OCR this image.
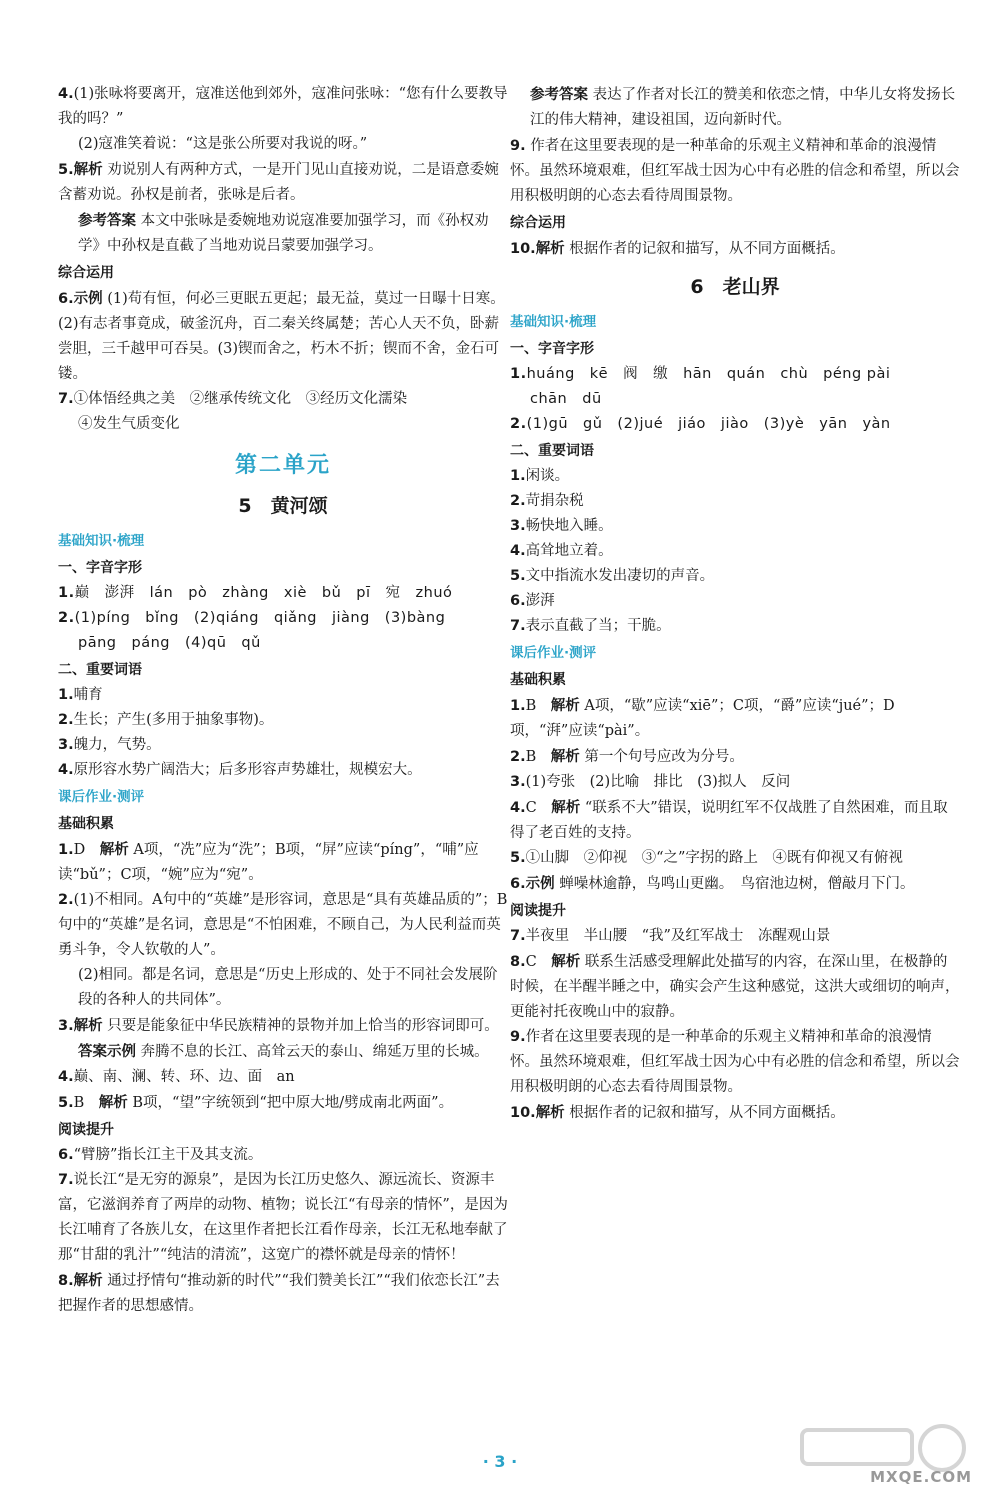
4.(1)张咏将要离开，寇准送他到郊外，寇准问张咏：“您有什么要教导我的吗？”

(2)寇准笑着说：“这是张公所要对我说的呀。”

5.解析 劝说别人有两种方式，一是开门见山直接劝说，二是语意委婉含蓄劝说。孙权是前者，张咏是后者。

参考答案 本文中张咏是委婉地劝说寇准要加强学习，而《孙权劝学》中孙权是直截了当地劝说吕蒙要加强学习。

综合运用

6.示例 (1)苟有恒，何必三更眠五更起；最无益，莫过一日曝十日寒。(2)有志者事竟成，破釜沉舟，百二秦关终属楚；苦心人天不负，卧薪尝胆，三千越甲可吞吴。(3)锲而舍之，朽木不折；锲而不舍，金石可镂。

7.①体悟经典之美　②继承传统文化　③经历文化濡染

④发生气质变化

第二单元
5　黄河颂

基础知识·梳理

一、字音字形

1.巅　澎湃　lán　pò　zhàng　xiè　bǔ　pī　宛　zhuó

2.(1)píng　bǐng　(2)qiáng　qiǎng　jiàng　(3)bàng

pāng　páng　(4)qū　qǔ

二、重要词语

1.哺育

2.生长；产生(多用于抽象事物)。

3.魄力，气势。

4.原形容水势广阔浩大；后多形容声势雄壮，规模宏大。

课后作业·测评

基础积累

1.D　解析 A项，“冼”应为“洗”；B项，“屏”应读“píng”，“哺”应读“bǔ”；C项，“婉”应为“宛”。

2.(1)不相同。A句中的“英雄”是形容词，意思是“具有英雄品质的”；B句中的“英雄”是名词，意思是“不怕困难，不顾自己，为人民利益而英勇斗争，令人钦敬的人”。

(2)相同。都是名词，意思是“历史上形成的、处于不同社会发展阶段的各种人的共同体”。

3.解析 只要是能象征中华民族精神的景物并加上恰当的形容词即可。

答案示例 奔腾不息的长江、高耸云天的泰山、绵延万里的长城。

4.巅、南、澜、转、环、边、面　an

5.B　解析 B项，“望”字统领到“把中原大地/劈成南北两面”。

阅读提升

6.“臂膀”指长江主干及其支流。

7.说长江“是无穷的源泉”，是因为长江历史悠久、源远流长、资源丰富，它滋润养育了两岸的动物、植物；说长江“有母亲的情怀”，是因为长江哺育了各族儿女，在这里作者把长江看作母亲，长江无私地奉献了那“甘甜的乳汁”“纯洁的清流”，这宽广的襟怀就是母亲的情怀！

8.解析 通过抒情句“推动新的时代”“我们赞美长江”“我们依恋长江”去把握作者的思想感情。

参考答案 表达了作者对长江的赞美和依恋之情，中华儿女将发扬长江的伟大精神，建设祖国，迈向新时代。

9. 作者在这里要表现的是一种革命的乐观主义精神和革命的浪漫情怀。虽然环境艰难，但红军战士因为心中有必胜的信念和希望，所以会用积极明朗的心态去看待周围景物。

综合运用

10.解析 根据作者的记叙和描写，从不同方面概括。

6　老山界

基础知识·梳理

一、字音字形

1.huáng　kē　阀　缴　hān　quán　chù　péng pài

chān　dū

2.(1)gū　gǔ　(2)jué　jiáo　jiào　(3)yè　yān　yàn

二、重要词语

1.闲谈。

2.苛捐杂税

3.畅快地入睡。

4.高耸地立着。

5.文中指流水发出凄切的声音。

6.澎湃

7.表示直截了当；干脆。

课后作业·测评

基础积累

1.B　解析 A项，“歇”应读“xiē”；C项，“爵”应读“jué”；D项，“湃”应读“pài”。

2.B　解析 第一个句号应改为分号。

3.(1)夸张　(2)比喻　排比　(3)拟人　反问

4.C　解析 “联系不大”错误，说明红军不仅战胜了自然困难，而且取得了老百姓的支持。

5.①山脚　②仰视　③“之”字拐的路上　④既有仰视又有俯视

6.示例 蝉噪林逾静，鸟鸣山更幽。　鸟宿池边树，僧敲月下门。

阅读提升

7.半夜里　半山腰　“我”及红军战士　冻醒观山景

8.C　解析 联系生活感受理解此处描写的内容，在深山里，在极静的时候，在半醒半睡之中，确实会产生这种感觉，这洪大或细切的响声，更能衬托夜晚山中的寂静。

9.作者在这里要表现的是一种革命的乐观主义精神和革命的浪漫情怀。虽然环境艰难，但红军战士因为心中有必胜的信念和希望，所以会用积极明朗的心态去看待周围景物。

10.解析 根据作者的记叙和描写，从不同方面概括。

· 3 ·
MXQE.COM
